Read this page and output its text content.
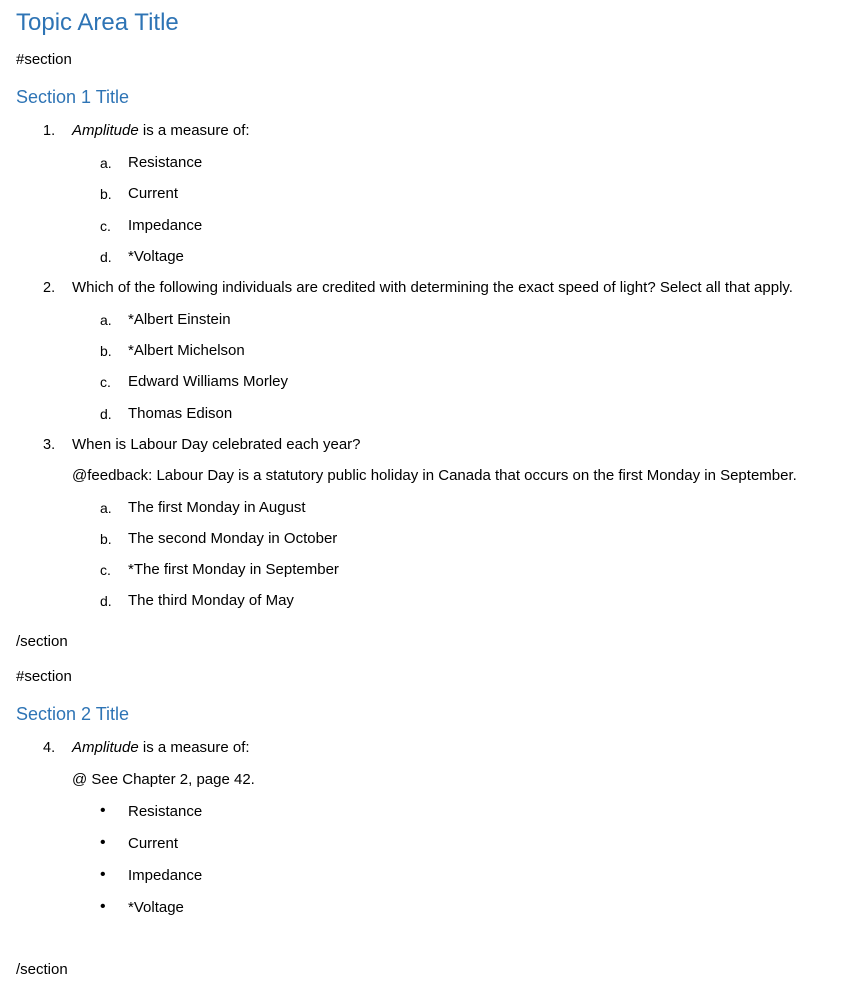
Topic Area Title
#section
Section 1 Title
1. Amplitude is a measure of:
a. Resistance
b. Current
c. Impedance
d. *Voltage
2. Which of the following individuals are credited with determining the exact speed of light? Select all that apply.
a. *Albert Einstein
b. *Albert Michelson
c. Edward Williams Morley
d. Thomas Edison
3. When is Labour Day celebrated each year?
@feedback: Labour Day is a statutory public holiday in Canada that occurs on the first Monday in September.
a. The first Monday in August
b. The second Monday in October
c. *The first Monday in September
d. The third Monday of May
/section
#section
Section 2 Title
4. Amplitude is a measure of:
@ See Chapter 2, page 42.
• Resistance
• Current
• Impedance
• *Voltage
/section
